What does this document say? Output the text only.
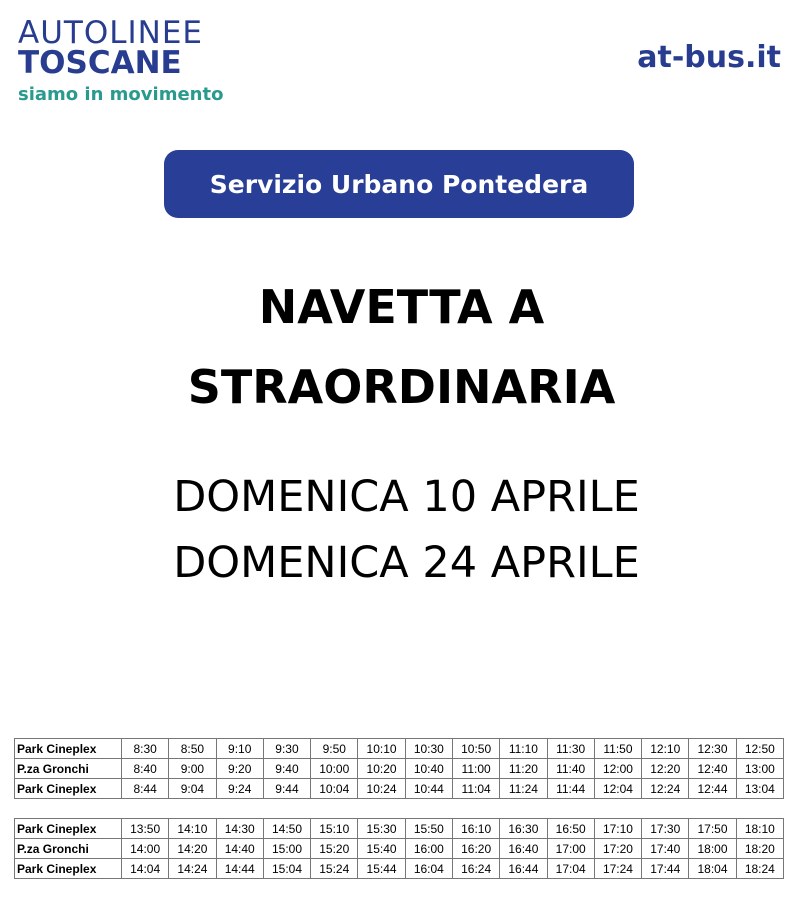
AUTOLINEE
TOSCANE
siamo in movimento
at-bus.it
Servizio Urbano Pontedera
NAVETTA A
STRAORDINARIA
DOMENICA 10 APRILE
DOMENICA 24 APRILE
Park Cineplex	8:30	8:50	9:10	9:30	9:50	10:10	10:30	10:50	11:10	11:30	11:50	12:10	12:30	12:50
P.za Gronchi	8:40	9:00	9:20	9:40	10:00	10:20	10:40	11:00	11:20	11:40	12:00	12:20	12:40	13:00
Park Cineplex	8:44	9:04	9:24	9:44	10:04	10:24	10:44	11:04	11:24	11:44	12:04	12:24	12:44	13:04
Park Cineplex	13:50	14:10	14:30	14:50	15:10	15:30	15:50	16:10	16:30	16:50	17:10	17:30	17:50	18:10
P.za Gronchi	14:00	14:20	14:40	15:00	15:20	15:40	16:00	16:20	16:40	17:00	17:20	17:40	18:00	18:20
Park Cineplex	14:04	14:24	14:44	15:04	15:24	15:44	16:04	16:24	16:44	17:04	17:24	17:44	18:04	18:24
